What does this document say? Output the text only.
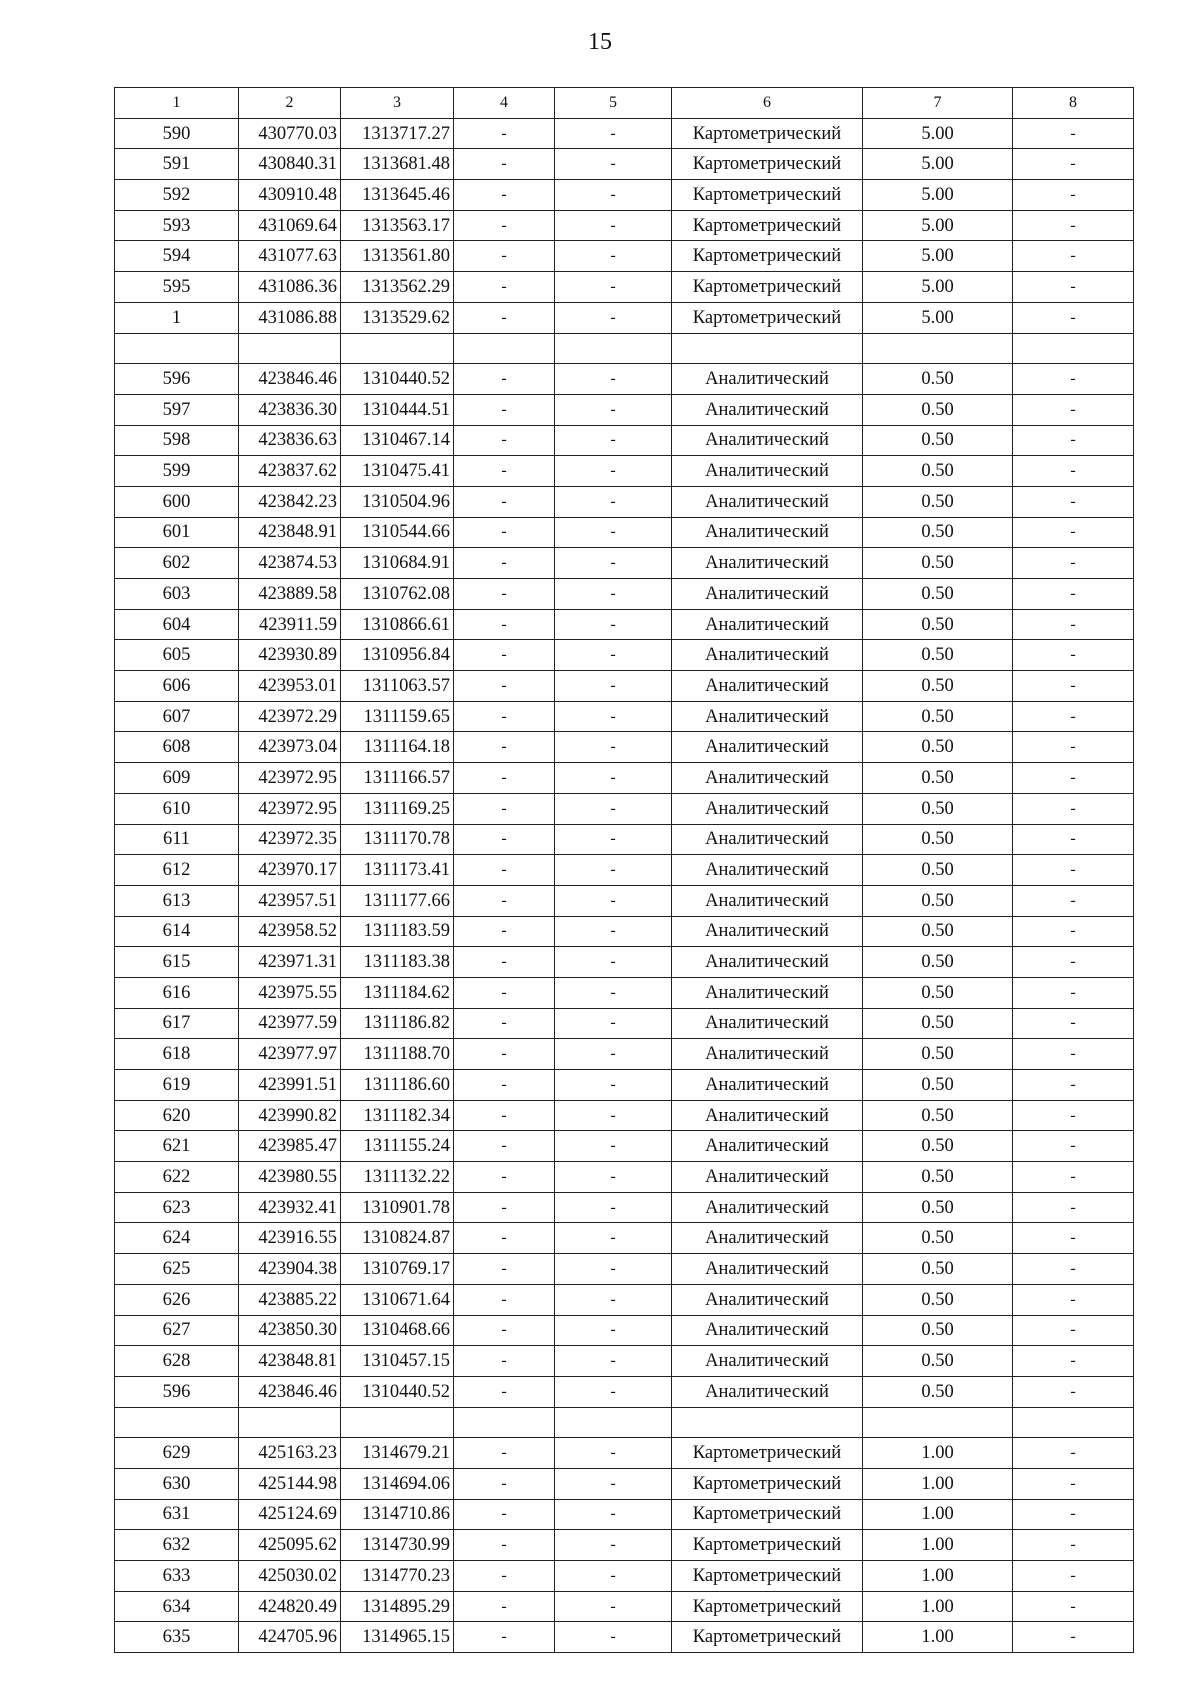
15
1	2	3	4	5	6	7	8
590	430770.03	1313717.27	-	-	Картометрический	5.00	-
591	430840.31	1313681.48	-	-	Картометрический	5.00	-
592	430910.48	1313645.46	-	-	Картометрический	5.00	-
593	431069.64	1313563.17	-	-	Картометрический	5.00	-
594	431077.63	1313561.80	-	-	Картометрический	5.00	-
595	431086.36	1313562.29	-	-	Картометрический	5.00	-
1	431086.88	1313529.62	-	-	Картометрический	5.00	-

596	423846.46	1310440.52	-	-	Аналитический	0.50	-
597	423836.30	1310444.51	-	-	Аналитический	0.50	-
598	423836.63	1310467.14	-	-	Аналитический	0.50	-
599	423837.62	1310475.41	-	-	Аналитический	0.50	-
600	423842.23	1310504.96	-	-	Аналитический	0.50	-
601	423848.91	1310544.66	-	-	Аналитический	0.50	-
602	423874.53	1310684.91	-	-	Аналитический	0.50	-
603	423889.58	1310762.08	-	-	Аналитический	0.50	-
604	423911.59	1310866.61	-	-	Аналитический	0.50	-
605	423930.89	1310956.84	-	-	Аналитический	0.50	-
606	423953.01	1311063.57	-	-	Аналитический	0.50	-
607	423972.29	1311159.65	-	-	Аналитический	0.50	-
608	423973.04	1311164.18	-	-	Аналитический	0.50	-
609	423972.95	1311166.57	-	-	Аналитический	0.50	-
610	423972.95	1311169.25	-	-	Аналитический	0.50	-
611	423972.35	1311170.78	-	-	Аналитический	0.50	-
612	423970.17	1311173.41	-	-	Аналитический	0.50	-
613	423957.51	1311177.66	-	-	Аналитический	0.50	-
614	423958.52	1311183.59	-	-	Аналитический	0.50	-
615	423971.31	1311183.38	-	-	Аналитический	0.50	-
616	423975.55	1311184.62	-	-	Аналитический	0.50	-
617	423977.59	1311186.82	-	-	Аналитический	0.50	-
618	423977.97	1311188.70	-	-	Аналитический	0.50	-
619	423991.51	1311186.60	-	-	Аналитический	0.50	-
620	423990.82	1311182.34	-	-	Аналитический	0.50	-
621	423985.47	1311155.24	-	-	Аналитический	0.50	-
622	423980.55	1311132.22	-	-	Аналитический	0.50	-
623	423932.41	1310901.78	-	-	Аналитический	0.50	-
624	423916.55	1310824.87	-	-	Аналитический	0.50	-
625	423904.38	1310769.17	-	-	Аналитический	0.50	-
626	423885.22	1310671.64	-	-	Аналитический	0.50	-
627	423850.30	1310468.66	-	-	Аналитический	0.50	-
628	423848.81	1310457.15	-	-	Аналитический	0.50	-
596	423846.46	1310440.52	-	-	Аналитический	0.50	-

629	425163.23	1314679.21	-	-	Картометрический	1.00	-
630	425144.98	1314694.06	-	-	Картометрический	1.00	-
631	425124.69	1314710.86	-	-	Картометрический	1.00	-
632	425095.62	1314730.99	-	-	Картометрический	1.00	-
633	425030.02	1314770.23	-	-	Картометрический	1.00	-
634	424820.49	1314895.29	-	-	Картометрический	1.00	-
635	424705.96	1314965.15	-	-	Картометрический	1.00	-
